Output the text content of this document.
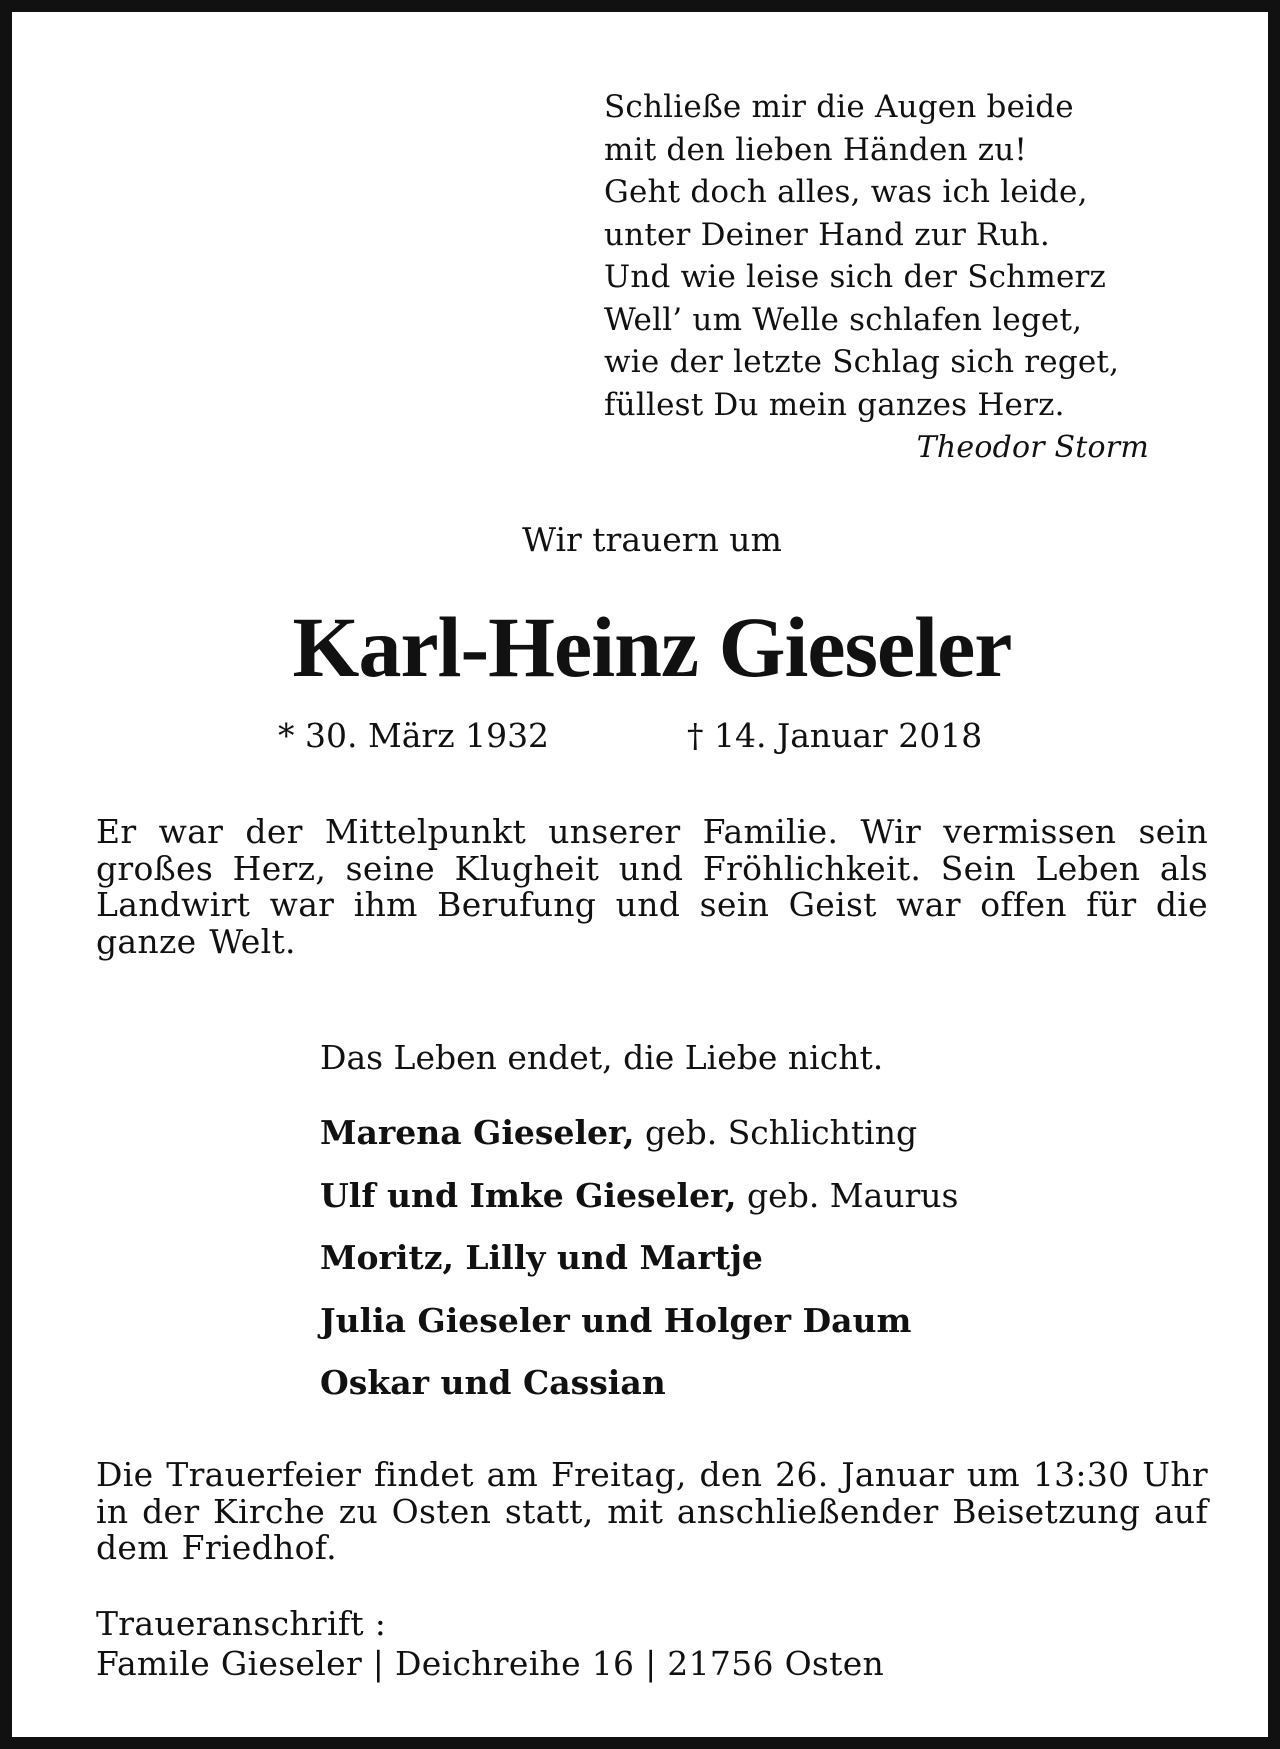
Schließe mir die Augen beide
mit den lieben Händen zu!
Geht doch alles, was ich leide,
unter Deiner Hand zur Ruh.
Und wie leise sich der Schmerz
Well’ um Welle schlafen leget,
wie der letzte Schlag sich reget,
füllest Du mein ganzes Herz.
Theodor Storm
Wir trauern um
Karl-Heinz Gieseler
* 30. März 1932	† 14. Januar 2018
Er war der Mittelpunkt unserer Familie. Wir vermissen sein großes Herz, seine Klugheit und Fröhlichkeit. Sein Leben als Landwirt war ihm Berufung und sein Geist war offen für die ganze Welt.
Das Leben endet, die Liebe nicht.
Marena Gieseler, geb. Schlichting
Ulf und Imke Gieseler, geb. Maurus
Moritz, Lilly und Martje
Julia Gieseler und Holger Daum
Oskar und Cassian
Die Trauerfeier findet am Freitag, den 26. Januar um 13:30 Uhr in der Kirche zu Osten statt, mit anschließender Beisetzung auf dem Friedhof.
Traueranschrift :
Famile Gieseler | Deichreihe 16 | 21756 Osten
